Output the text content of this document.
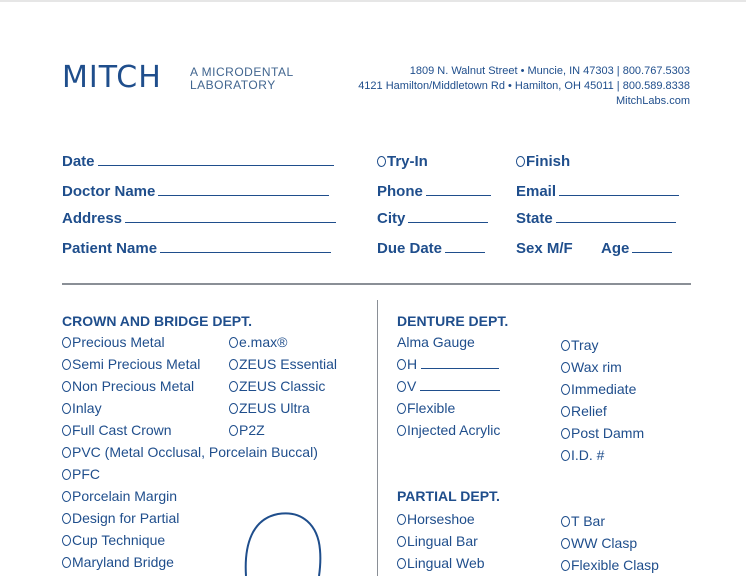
MITCH A MICRODENTAL
LABORATORY
1809 N. Walnut Street • Muncie, IN 47303 | 800.767.5303
4121 Hamilton/Middletown Rd • Hamilton, OH 45011 | 800.589.8338
MitchLabs.com
Date
Doctor Name
Address
Patient Name
Try-In
Phone
City
Due Date
Finish
Email
State
Sex M/F Age
CROWN AND BRIDGE DEPT.
Precious Metal
Semi Precious Metal
Non Precious Metal
Inlay
Full Cast Crown
e.max®
ZEUS Essential
ZEUS Classic
ZEUS Ultra
P2Z
PVC (Metal Occlusal, Porcelain Buccal)
PFC
Porcelain Margin
Design for Partial
Cup Technique
Maryland Bridge
DENTURE DEPT.
Alma Gauge
H
V
Flexible
Injected Acrylic
Tray
Wax rim
Immediate
Relief
Post Damm
I.D. #
PARTIAL DEPT.
Horseshoe
Lingual Bar
Lingual Web
T Bar
WW Clasp
Flexible Clasp
